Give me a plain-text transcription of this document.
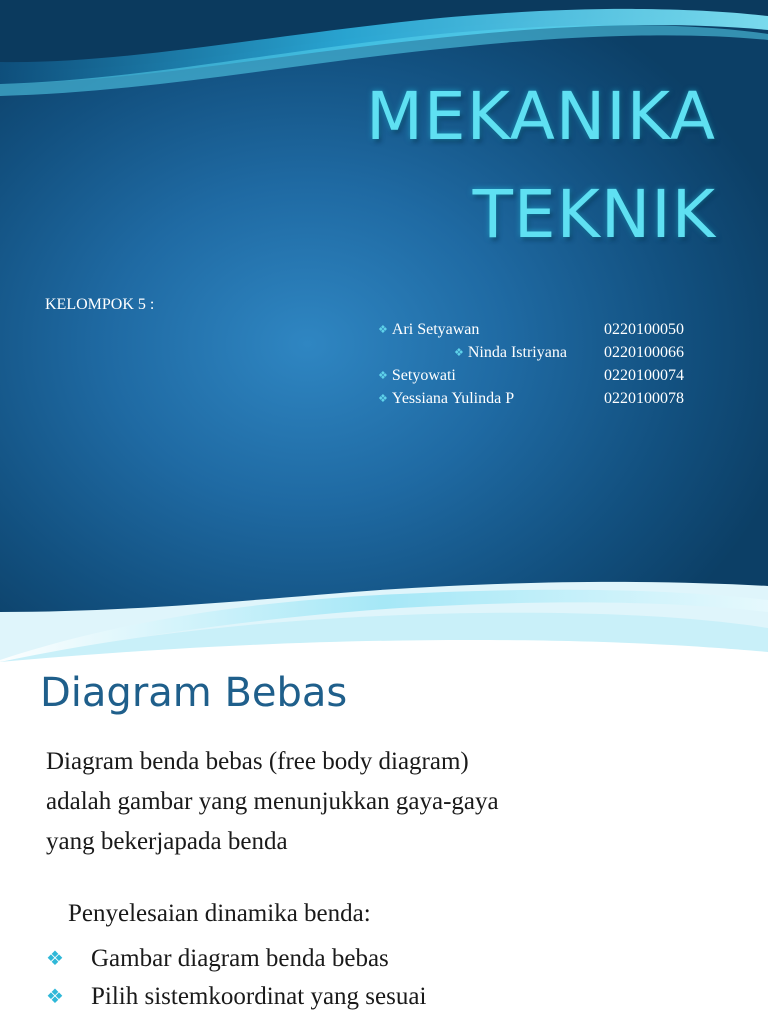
MEKANIKA
TEKNIK
KELOMPOK 5 :
❖ Ari Setyawan	0220100050
❖ Ninda Istriyana 0220100066
❖ Setyowati	0220100074
❖ Yessiana Yulinda P	0220100078
Diagram Bebas

Diagram benda bebas (free body diagram)
adalah gambar yang menunjukkan gaya-gaya
yang bekerjapada benda

Penyelesaian dinamika benda:

❖ Gambar diagram benda bebas
❖ Pilih sistemkoordinat yang sesuai
